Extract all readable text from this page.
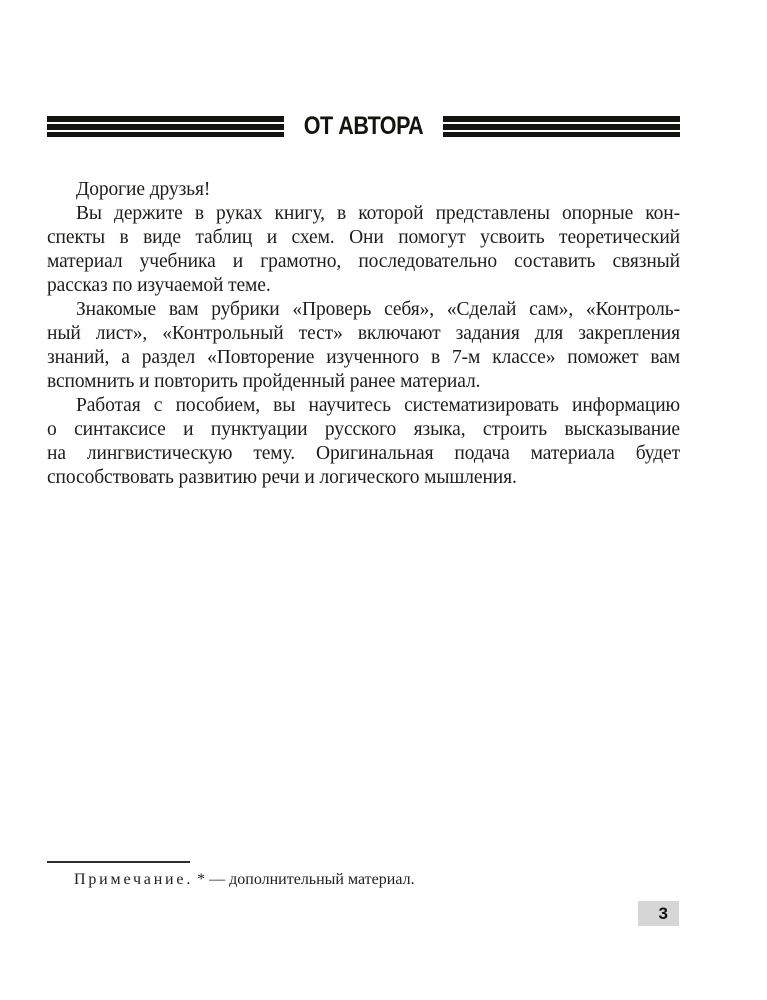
ОТ АВТОРА
Дорогие друзья!
Вы держите в руках книгу, в которой представлены опорные кон-
спекты в виде таблиц и схем. Они помогут усвоить теоретический
материал учебника и грамотно, последовательно составить связный
рассказ по изучаемой теме.
Знакомые вам рубрики «Проверь себя», «Сделай сам», «Контроль-
ный лист», «Контрольный тест» включают задания для закрепления
знаний, а раздел «Повторение изученного в 7-м классе» поможет вам
вспомнить и повторить пройденный ранее материал.
Работая с пособием, вы научитесь систематизировать информацию
о синтаксисе и пунктуации русского языка, строить высказывание
на лингвистическую тему. Оригинальная подача материала будет
способствовать развитию речи и логического мышления.
Примечание. * — дополнительный материал.
3
